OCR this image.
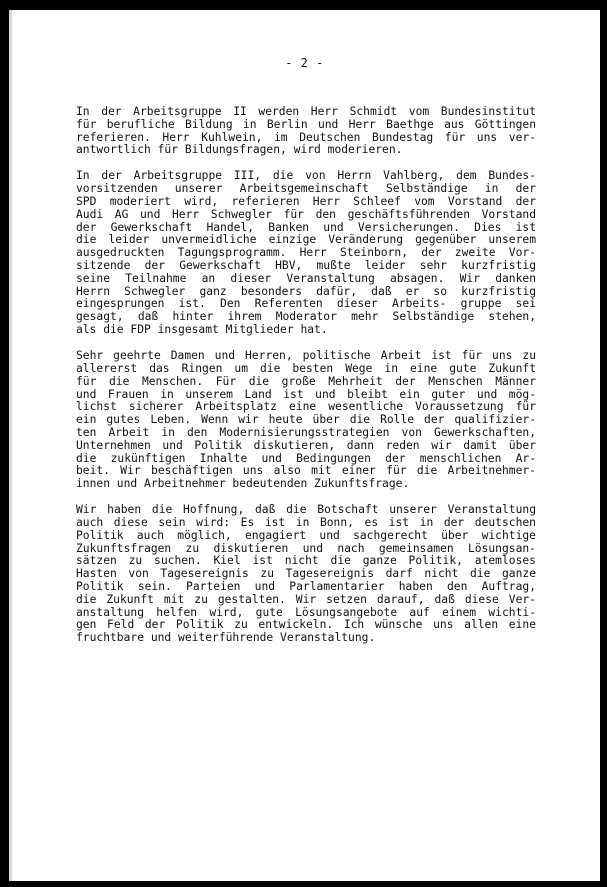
- 2 -

In der Arbeitsgruppe II werden Herr Schmidt vom Bundesinstitut
für berufliche Bildung in Berlin und Herr Baethge aus Göttingen
referieren. Herr Kuhlwein, im Deutschen Bundestag für uns ver-
antwortlich für Bildungsfragen, wird moderieren.

In der Arbeitsgruppe III, die von Herrn Vahlberg, dem Bundes-
vorsitzenden unserer Arbeitsgemeinschaft Selbständige in der
SPD moderiert wird, referieren Herr Schleef vom Vorstand der
Audi AG und Herr Schwegler für den geschäftsführenden Vorstand
der Gewerkschaft Handel, Banken und Versicherungen. Dies ist
die leider unvermeidliche einzige Veränderung gegenüber unserem
ausgedruckten Tagungsprogramm. Herr Steinborn, der zweite Vor-
sitzende der Gewerkschaft HBV, mußte leider sehr kurzfristig
seine Teilnahme an dieser Veranstaltung absagen. Wir danken
Herrn Schwegler ganz besonders dafür, daß er so kurzfristig
eingesprungen ist. Den Referenten dieser Arbeits- gruppe sei
gesagt, daß hinter ihrem Moderator mehr Selbständige stehen,
als die FDP insgesamt Mitglieder hat.

Sehr geehrte Damen und Herren, politische Arbeit ist für uns zu
allererst das Ringen um die besten Wege in eine gute Zukunft
für die Menschen. Für die große Mehrheit der Menschen Männer
und Frauen in unserem Land ist und bleibt ein guter und mög-
lichst sicherer Arbeitsplatz eine wesentliche Voraussetzung für
ein gutes Leben. Wenn wir heute über die Rolle der qualifizier-
ten Arbeit in den Modernisierungsstrategien von Gewerkschaften,
Unternehmen und Politik diskutieren, dann reden wir damit über
die zukünftigen Inhalte und Bedingungen der menschlichen Ar-
beit. Wir beschäftigen uns also mit einer für die Arbeitnehmer-
innen und Arbeitnehmer bedeutenden Zukunftsfrage.

Wir haben die Hoffnung, daß die Botschaft unserer Veranstaltung
auch diese sein wird: Es ist in Bonn, es ist in der deutschen
Politik auch möglich, engagiert und sachgerecht über wichtige
Zukunftsfragen zu diskutieren und nach gemeinsamen Lösungsan-
sätzen zu suchen. Kiel ist nicht die ganze Politik, atemloses
Hasten von Tagesereignis zu Tagesereignis darf nicht die ganze
Politik sein. Parteien und Parlamentarier haben den Auftrag,
die Zukunft mit zu gestalten. Wir setzen darauf, daß diese Ver-
anstaltung helfen wird, gute Lösungsangebote auf einem wichti-
gen Feld der Politik zu entwickeln. Ich wünsche uns allen eine
fruchtbare und weiterführende Veranstaltung.
